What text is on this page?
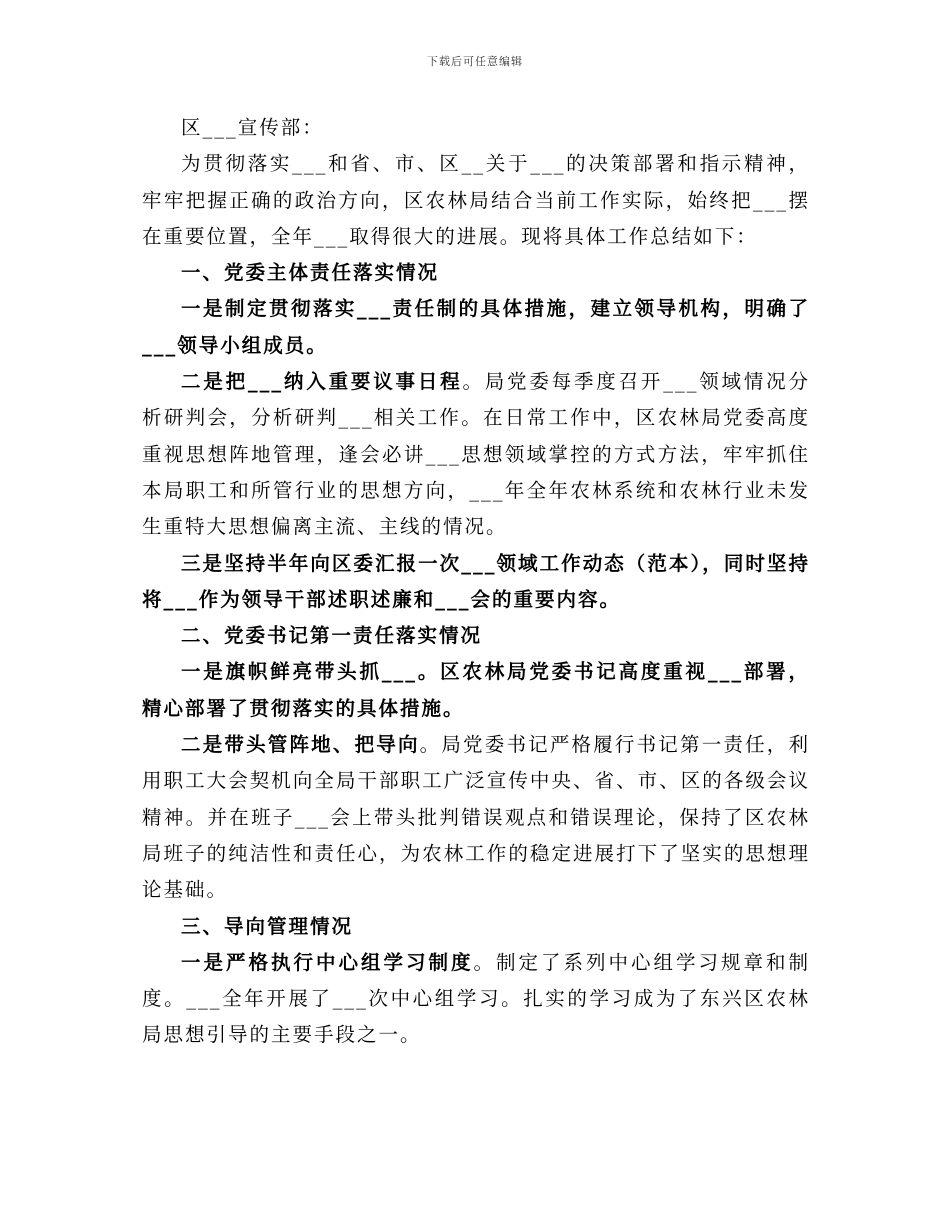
下载后可任意编辑

区___宣传部：

为贯彻落实___和省、市、区__关于___的决策部署和指示精神，牢牢把握正确的政治方向，区农林局结合当前工作实际，始终把___摆在重要位置，全年___取得很大的进展。现将具体工作总结如下：

一、党委主体责任落实情况

一是制定贯彻落实___责任制的具体措施，建立领导机构，明确了___领导小组成员。

二是把___纳入重要议事日程。局党委每季度召开___领域情况分析研判会，分析研判___相关工作。在日常工作中，区农林局党委高度重视思想阵地管理，逢会必讲___思想领域掌控的方式方法，牢牢抓住本局职工和所管行业的思想方向，___年全年农林系统和农林行业未发生重特大思想偏离主流、主线的情况。

三是坚持半年向区委汇报一次___领域工作动态（范本），同时坚持将___作为领导干部述职述廉和___会的重要内容。

二、党委书记第一责任落实情况

一是旗帜鲜亮带头抓___。区农林局党委书记高度重视___部署，精心部署了贯彻落实的具体措施。

二是带头管阵地、把导向。局党委书记严格履行书记第一责任，利用职工大会契机向全局干部职工广泛宣传中央、省、市、区的各级会议精神。并在班子___会上带头批判错误观点和错误理论，保持了区农林局班子的纯洁性和责任心，为农林工作的稳定进展打下了坚实的思想理论基础。

三、导向管理情况

一是严格执行中心组学习制度。制定了系列中心组学习规章和制度。___全年开展了___次中心组学习。扎实的学习成为了东兴区农林局思想引导的主要手段之一。
